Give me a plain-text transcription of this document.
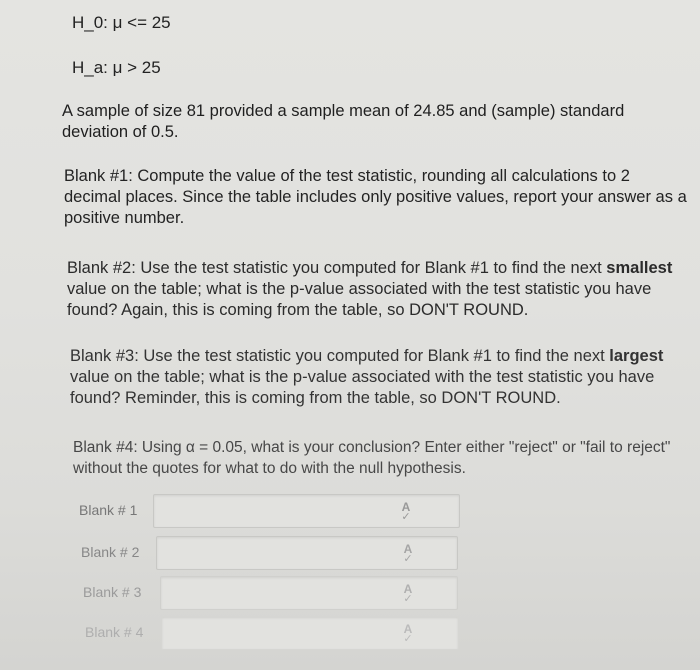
H_0: μ <= 25
H_a: μ > 25

A sample of size 81 provided a sample mean of 24.85 and (sample) standard deviation of 0.5.

Blank #1: Compute the value of the test statistic, rounding all calculations to 2 decimal places. Since the table includes only positive values, report your answer as a positive number.

Blank #2: Use the test statistic you computed for Blank #1 to find the next smallest value on the table; what is the p-value associated with the test statistic you have found? Again, this is coming from the table, so DON'T ROUND.

Blank #3: Use the test statistic you computed for Blank #1 to find the next largest value on the table; what is the p-value associated with the test statistic you have found? Reminder, this is coming from the table, so DON'T ROUND.

Blank #4: Using α = 0.05, what is your conclusion? Enter either "reject" or "fail to reject" without the quotes for what to do with the null hypothesis.

Blank # 1	A
✓
Blank # 2	A
✓
Blank # 3	A
✓
Blank # 4	A
✓
